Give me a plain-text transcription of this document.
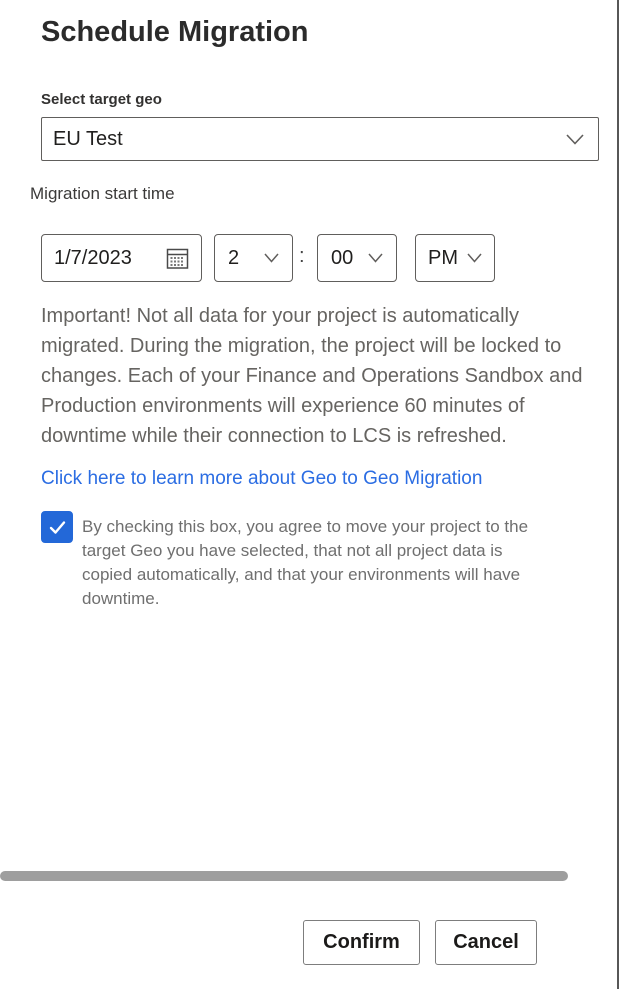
Schedule Migration
Select target geo
EU Test
Migration start time
1/7/2023	2	: 00	PM
Important! Not all data for your project is automatically
migrated. During the migration, the project will be locked to
changes. Each of your Finance and Operations Sandbox and
Production environments will experience 60 minutes of
downtime while their connection to LCS is refreshed.
Click here to learn more about Geo to Geo Migration
By checking this box, you agree to move your project to the
target Geo you have selected, that not all project data is
copied automatically, and that your environments will have
downtime.
Confirm	Cancel
